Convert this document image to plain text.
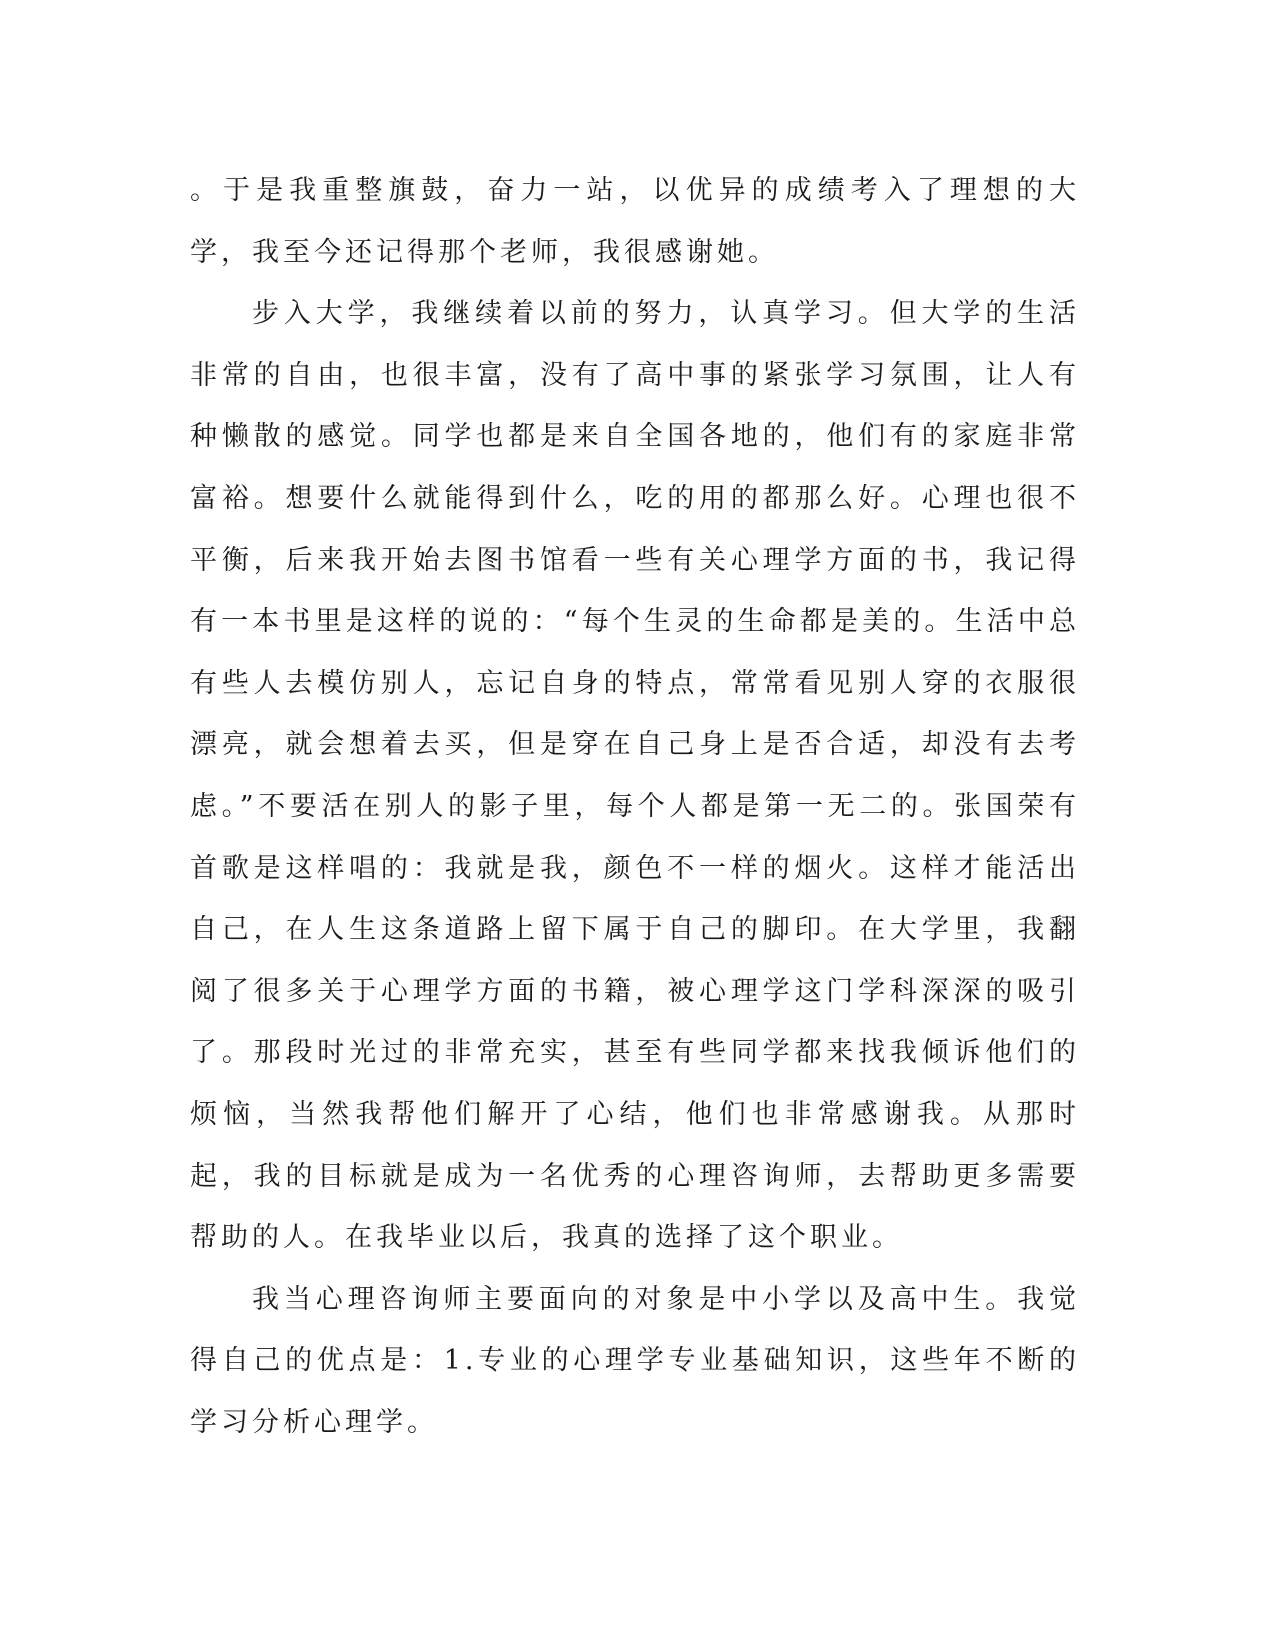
。于是我重整旗鼓，奋力一站，以优异的成绩考入了理想的大学，我至今还记得那个老师，我很感谢她。

步入大学，我继续着以前的努力，认真学习。但大学的生活非常的自由，也很丰富，没有了高中事的紧张学习氛围，让人有种懒散的感觉。同学也都是来自全国各地的，他们有的家庭非常富裕。想要什么就能得到什么，吃的用的都那么好。心理也很不平衡，后来我开始去图书馆看一些有关心理学方面的书，我记得有一本书里是这样的说的：“每个生灵的生命都是美的。生活中总有些人去模仿别人，忘记自身的特点，常常看见别人穿的衣服很漂亮，就会想着去买，但是穿在自己身上是否合适，却没有去考虑。”不要活在别人的影子里，每个人都是第一无二的。张国荣有首歌是这样唱的：我就是我，颜色不一样的烟火。这样才能活出自己，在人生这条道路上留下属于自己的脚印。在大学里，我翻阅了很多关于心理学方面的书籍，被心理学这门学科深深的吸引了。那段时光过的非常充实，甚至有些同学都来找我倾诉他们的烦恼，当然我帮他们解开了心结，他们也非常感谢我。从那时起，我的目标就是成为一名优秀的心理咨询师，去帮助更多需要帮助的人。在我毕业以后，我真的选择了这个职业。

我当心理咨询师主要面向的对象是中小学以及高中生。我觉得自己的优点是：1.专业的心理学专业基础知识，这些年不断的学习分析心理学。
